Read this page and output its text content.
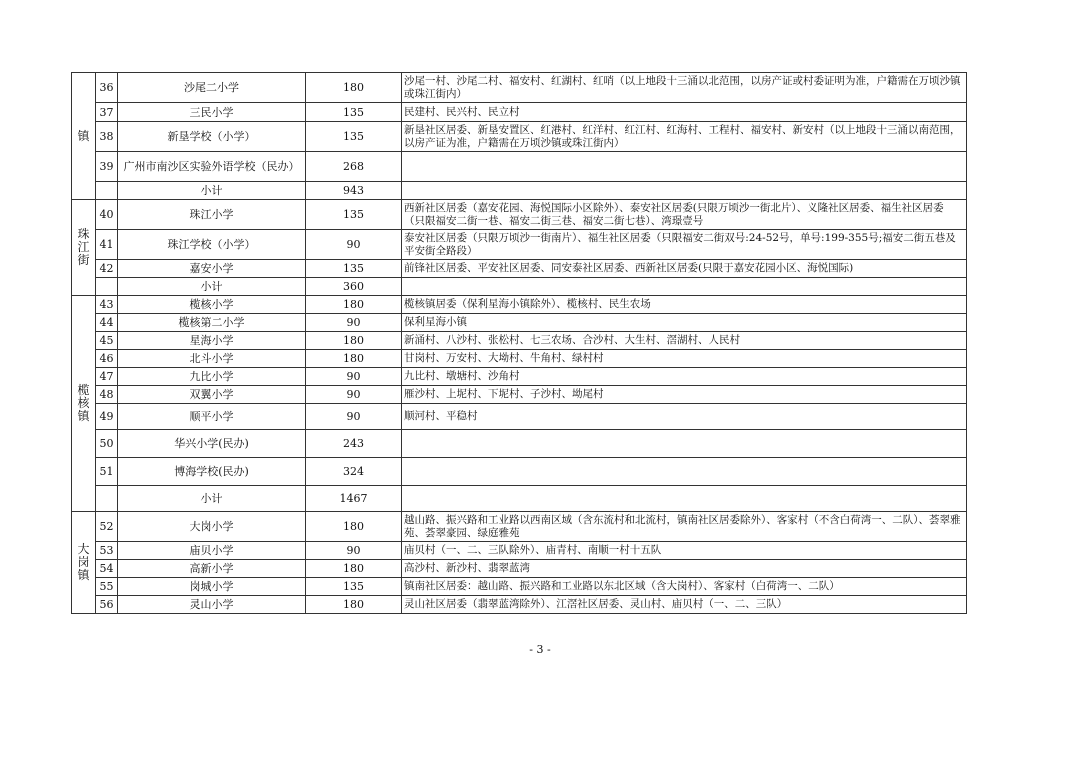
镇	36	沙尾二小学	180	沙尾一村、沙尾二村、福安村、红湖村、红哨（以上地段十三涌以北范围，以房产证或村委证明为准，户籍需在万顷沙镇或珠江街内）
	37	三民小学	135	民建村、民兴村、民立村
	38	新垦学校（小学）	135	新垦社区居委、新垦安置区、红港村、红洋村、红江村、红海村、工程村、福安村、新安村（以上地段十三涌以南范围，以房产证为准，户籍需在万顷沙镇或珠江街内）
	39	广州市南沙区实验外语学校（民办）	268	
		小计	943	
珠
江
街	40	珠江小学	135	西新社区居委（嘉安花园、海悦国际小区除外）、泰安社区居委(只限万顷沙一街北片）、义隆社区居委、福生社区居委（只限福安二街一巷、福安二街三巷、福安二街七巷）、湾璟壹号
	41	珠江学校（小学）	90	泰安社区居委（只限万顷沙一街南片）、福生社区居委（只限福安二街双号:24-52号，单号:199-355号;福安二街五巷及平安街全路段）
	42	嘉安小学	135	前锋社区居委、平安社区居委、同安泰社区居委、西新社区居委(只限于嘉安花园小区、海悦国际)
		小计	360	
榄
核
镇	43	榄核小学	180	榄核镇居委（保利星海小镇除外）、榄核村、民生农场
	44	榄核第二小学	90	保利星海小镇
	45	星海小学	180	新涌村、八沙村、张松村、七三农场、合沙村、大生村、滘湖村、人民村
	46	北斗小学	180	甘岗村、万安村、大坳村、牛角村、绿村村
	47	九比小学	90	九比村、墩塘村、沙角村
	48	双翼小学	90	雁沙村、上坭村、下坭村、子沙村、坳尾村
	49	顺平小学	90	顺河村、平稳村
	50	华兴小学(民办)	243	
	51	博海学校(民办)	324	
		小计	1467	
大
岗
镇	52	大岗小学	180	越山路、振兴路和工业路以西南区域（含东流村和北流村，镇南社区居委除外）、客家村（不含白荷湾一、二队）、荟翠雅苑、荟翠豪园、绿庭雅苑
	53	庙贝小学	90	庙贝村（一、二、三队除外）、庙青村、南顺一村十五队
	54	高新小学	180	高沙村、新沙村、翡翠蓝湾
	55	岗城小学	135	镇南社区居委：越山路、振兴路和工业路以东北区域（含大岗村）、客家村（白荷湾一、二队）
	56	灵山小学	180	灵山社区居委（翡翠蓝湾除外）、江滘社区居委、灵山村、庙贝村（一、二、三队）
- 3 -
